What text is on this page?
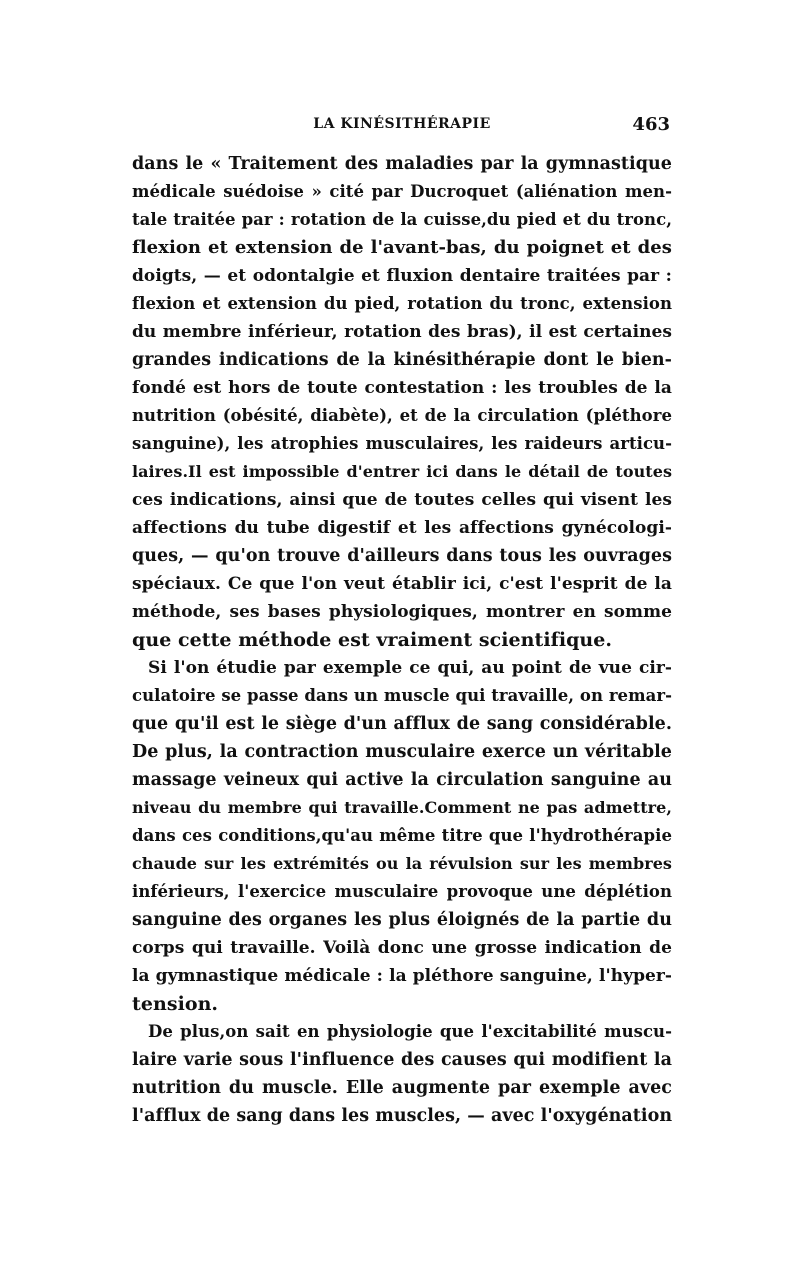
LA KINÉSITHÉRAPIE	463
dans le « Traitement des maladies par la gymnastique
médicale suédoise » cité par Ducroquet (aliénation men-
tale traitée par : rotation de la cuisse,du pied et du tronc,
flexion et extension de l'avant-bas, du poignet et des
doigts, — et odontalgie et fluxion dentaire traitées par :
flexion et extension du pied, rotation du tronc, extension
du membre inférieur, rotation des bras), il est certaines
grandes indications de la kinésithérapie dont le bien-
fondé est hors de toute contestation : les troubles de la
nutrition (obésité, diabète), et de la circulation (pléthore
sanguine), les atrophies musculaires, les raideurs articu-
laires.Il est impossible d'entrer ici dans le détail de toutes
ces indications, ainsi que de toutes celles qui visent les
affections du tube digestif et les affections gynécologi-
ques, — qu'on trouve d'ailleurs dans tous les ouvrages
spéciaux. Ce que l'on veut établir ici, c'est l'esprit de la
méthode, ses bases physiologiques, montrer en somme
que cette méthode est vraiment scientifique.
Si l'on étudie par exemple ce qui, au point de vue cir-
culatoire se passe dans un muscle qui travaille, on remar-
que qu'il est le siège d'un afflux de sang considérable.
De plus, la contraction musculaire exerce un véritable
massage veineux qui active la circulation sanguine au
niveau du membre qui travaille.Comment ne pas admettre,
dans ces conditions,qu'au même titre que l'hydrothérapie
chaude sur les extrémités ou la révulsion sur les membres
inférieurs, l'exercice musculaire provoque une déplétion
sanguine des organes les plus éloignés de la partie du
corps qui travaille. Voilà donc une grosse indication de
la gymnastique médicale : la pléthore sanguine, l'hyper-
tension.
De plus,on sait en physiologie que l'excitabilité muscu-
laire varie sous l'influence des causes qui modifient la
nutrition du muscle. Elle augmente par exemple avec
l'afflux de sang dans les muscles, — avec l'oxygénation
